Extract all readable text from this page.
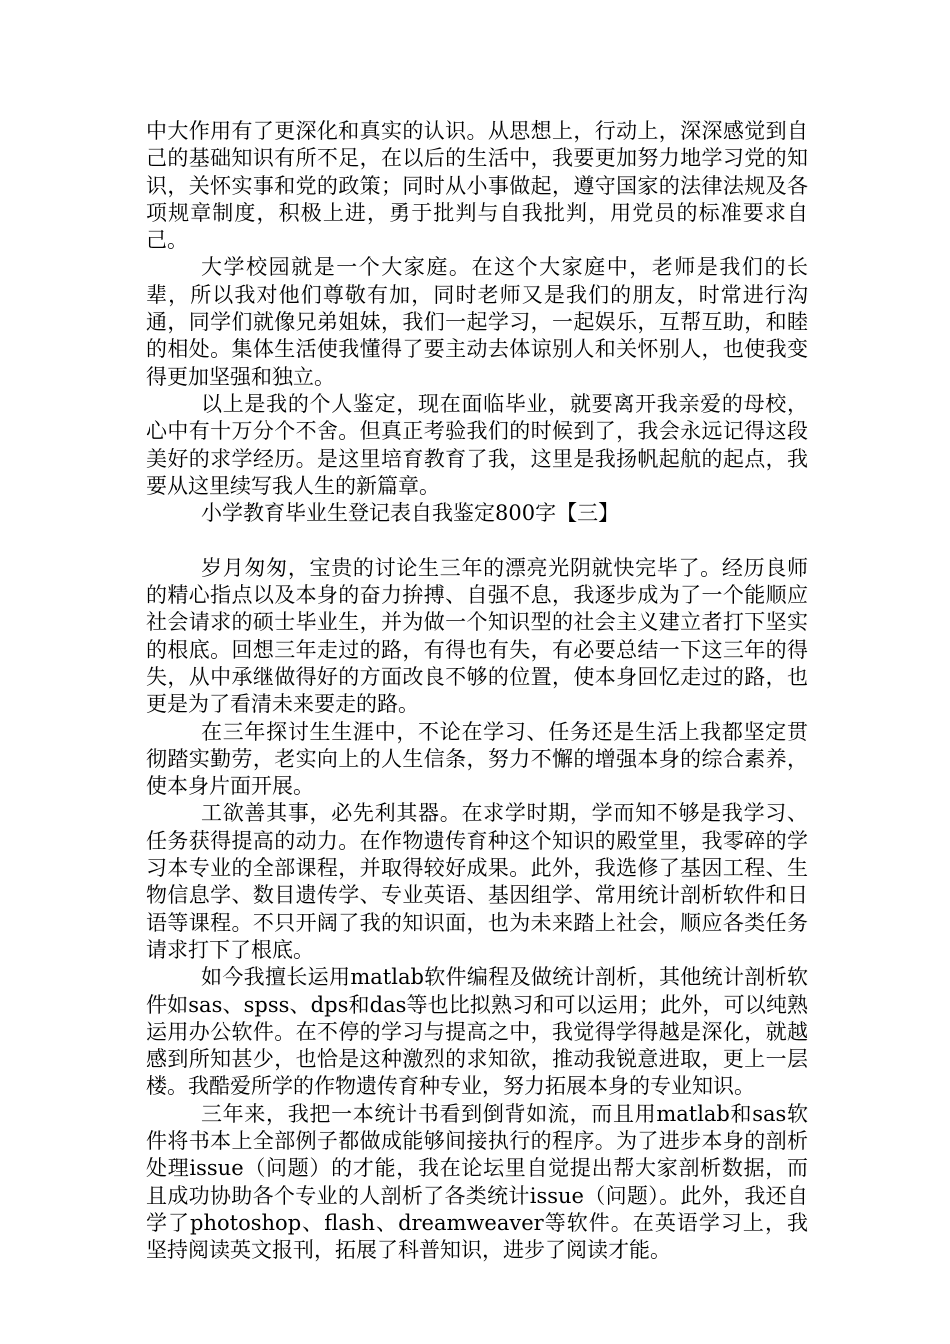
中大作用有了更深化和真实的认识。从思想上，行动上，深深感觉到自己的基础知识有所不足，在以后的生活中，我要更加努力地学习党的知识，关怀实事和党的政策；同时从小事做起，遵守国家的法律法规及各项规章制度，积极上进，勇于批判与自我批判，用党员的标准要求自己。

大学校园就是一个大家庭。在这个大家庭中，老师是我们的长辈，所以我对他们尊敬有加，同时老师又是我们的朋友，时常进行沟通，同学们就像兄弟姐妹，我们一起学习，一起娱乐，互帮互助，和睦的相处。集体生活使我懂得了要主动去体谅别人和关怀别人，也使我变得更加坚强和独立。

以上是我的个人鉴定，现在面临毕业，就要离开我亲爱的母校，心中有十万分个不舍。但真正考验我们的时候到了，我会永远记得这段美好的求学经历。是这里培育教育了我，这里是我扬帆起航的起点，我要从这里续写我人生的新篇章。

小学教育毕业生登记表自我鉴定800字【三】

岁月匆匆，宝贵的讨论生三年的漂亮光阴就快完毕了。经历良师的精心指点以及本身的奋力拚搏、自强不息，我逐步成为了一个能顺应社会请求的硕士毕业生，并为做一个知识型的社会主义建立者打下坚实的根底。回想三年走过的路，有得也有失，有必要总结一下这三年的得失，从中承继做得好的方面改良不够的位置，使本身回忆走过的路，也更是为了看清未来要走的路。

在三年探讨生生涯中，不论在学习、任务还是生活上我都坚定贯彻踏实勤劳，老实向上的人生信条，努力不懈的增强本身的综合素养，使本身片面开展。

工欲善其事，必先利其器。在求学时期，学而知不够是我学习、任务获得提高的动力。在作物遗传育种这个知识的殿堂里，我零碎的学习本专业的全部课程，并取得较好成果。此外，我选修了基因工程、生物信息学、数目遗传学、专业英语、基因组学、常用统计剖析软件和日语等课程。不只开阔了我的知识面，也为未来踏上社会，顺应各类任务请求打下了根底。

如今我擅长运用matlab软件编程及做统计剖析，其他统计剖析软件如sas、spss、dps和das等也比拟熟习和可以运用；此外，可以纯熟运用办公软件。在不停的学习与提高之中，我觉得学得越是深化，就越感到所知甚少，也恰是这种激烈的求知欲，推动我锐意进取，更上一层楼。我酷爱所学的作物遗传育种专业，努力拓展本身的专业知识。

三年来，我把一本统计书看到倒背如流，而且用matlab和sas软件将书本上全部例子都做成能够间接执行的程序。为了进步本身的剖析处理issue（问题）的才能，我在论坛里自觉提出帮大家剖析数据，而且成功协助各个专业的人剖析了各类统计issue（问题）。此外，我还自学了photoshop、flash、dreamweaver等软件。在英语学习上，我坚持阅读英文报刊，拓展了科普知识，进步了阅读才能。
